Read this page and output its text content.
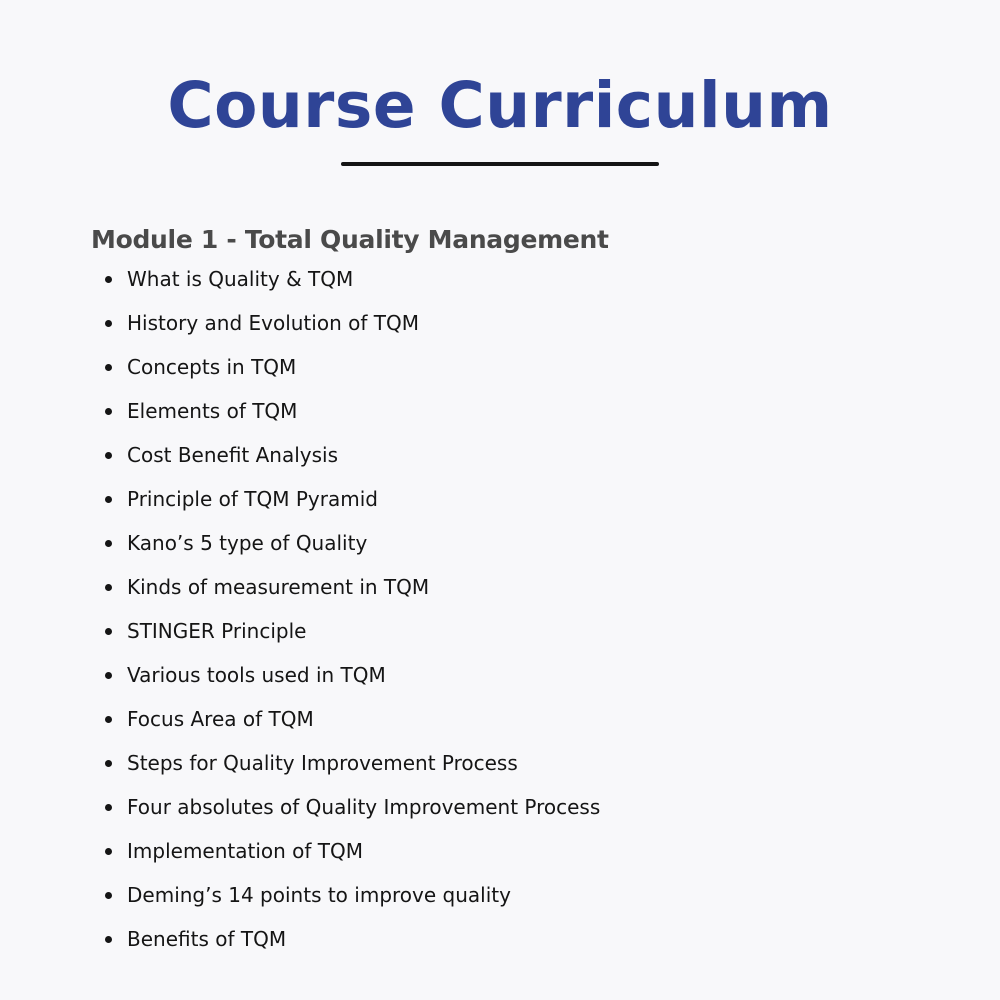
Course Curriculum
Module 1 - Total Quality Management
What is Quality & TQM
History and Evolution of TQM
Concepts in TQM
Elements of TQM
Cost Benefit Analysis
Principle of TQM Pyramid
Kano’s 5 type of Quality
Kinds of measurement in TQM
STINGER Principle
Various tools used in TQM
Focus Area of TQM
Steps for Quality Improvement Process
Four absolutes of Quality Improvement Process
Implementation of TQM
Deming’s 14 points to improve quality
Benefits of TQM
